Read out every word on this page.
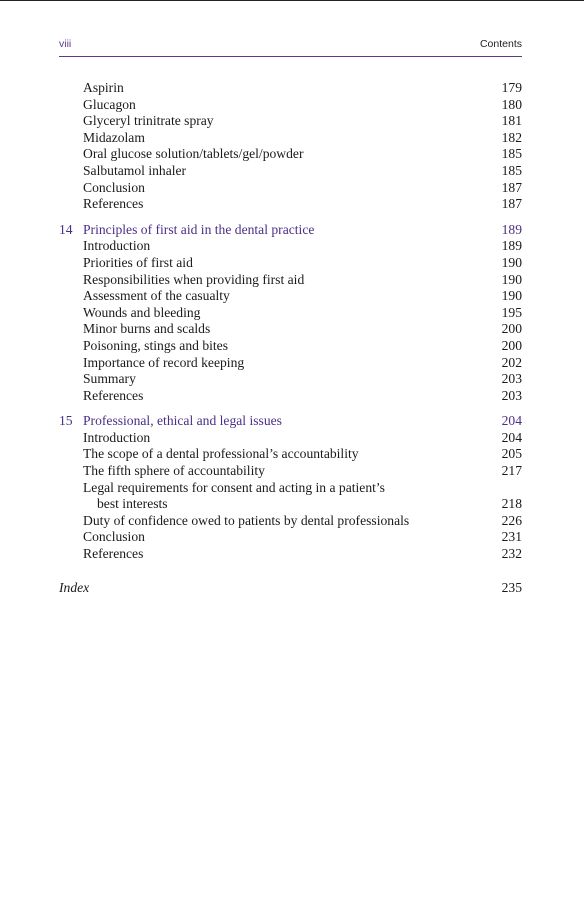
viii	Contents
Aspirin	179
Glucagon	180
Glyceryl trinitrate spray	181
Midazolam	182
Oral glucose solution/tablets/gel/powder	185
Salbutamol inhaler	185
Conclusion	187
References	187
14 Principles of first aid in the dental practice	189
Introduction	189
Priorities of first aid	190
Responsibilities when providing first aid	190
Assessment of the casualty	190
Wounds and bleeding	195
Minor burns and scalds	200
Poisoning, stings and bites	200
Importance of record keeping	202
Summary	203
References	203
15 Professional, ethical and legal issues	204
Introduction	204
The scope of a dental professional’s accountability	205
The fifth sphere of accountability	217
Legal requirements for consent and acting in a patient’s
best interests	218
Duty of confidence owed to patients by dental professionals	226
Conclusion	231
References	232
Index	235
